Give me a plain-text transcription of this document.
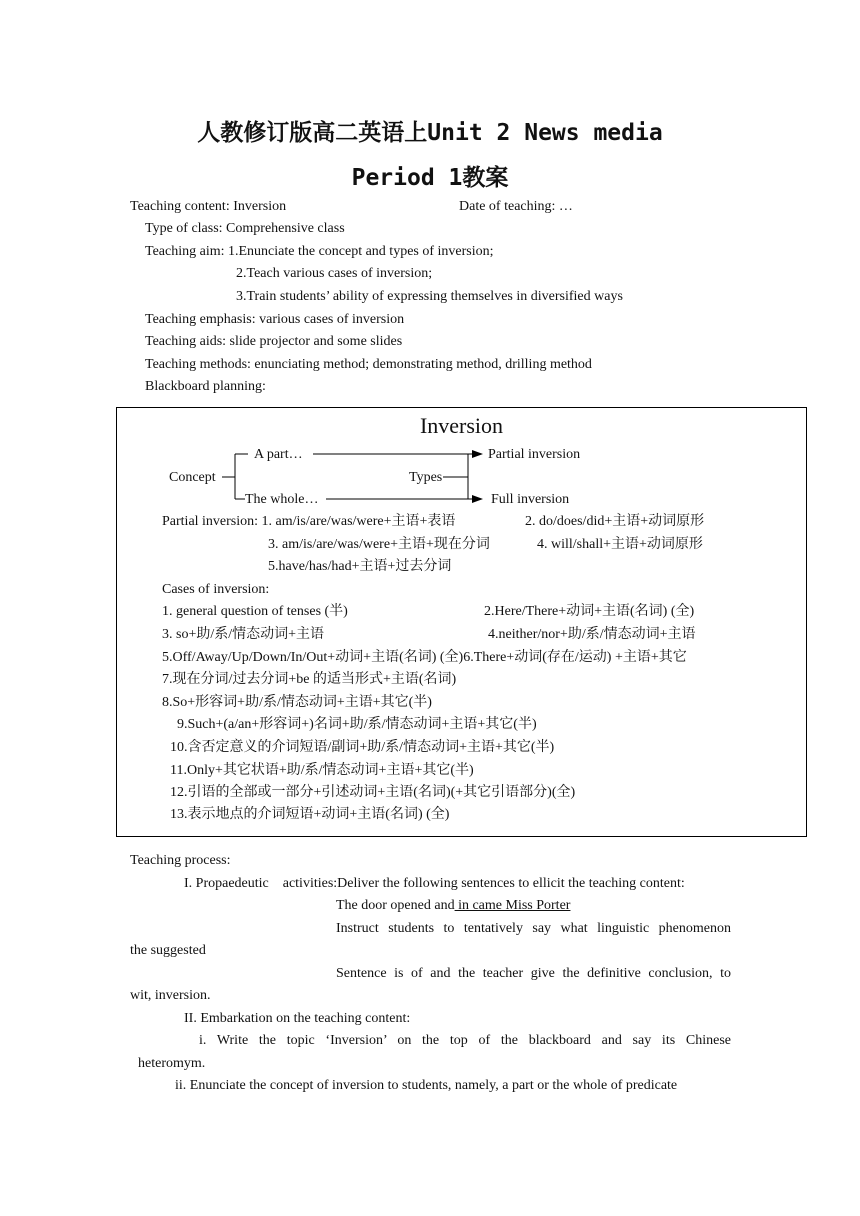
人教修订版高二英语上Unit 2 News media
Period 1教案
Teaching content: Inversion	Date of teaching: …
Type of class: Comprehensive class
Teaching aim: 1.Enunciate the concept and types of inversion;
2.Teach various cases of inversion;
3.Train students’ ability of expressing themselves in diversified ways
Teaching emphasis: various cases of inversion
Teaching aids: slide projector and some slides
Teaching methods: enunciating method; demonstrating method, drilling method
Blackboard planning:
Inversion
A part…
Concept
The whole…
Types
Partial inversion
Full inversion
Partial inversion: 1. am/is/are/was/were+主语+表语	2. do/does/did+主语+动词原形
3. am/is/are/was/were+主语+现在分词	4. will/shall+主语+动词原形
5.have/has/had+主语+过去分词
Cases of inversion:
1. general question of tenses (半)	2.Here/There+动词+主语(名词) (全)
3. so+助/系/情态动词+主语	4.neither/nor+助/系/情态动词+主语
5.Off/Away/Up/Down/In/Out+动词+主语(名词) (全)6.There+动词(存在/运动) +主语+其它
7.现在分词/过去分词+be 的适当形式+主语(名词)
8.So+形容词+助/系/情态动词+主语+其它(半)
9.Such+(a/an+形容词+)名词+助/系/情态动词+主语+其它(半)
10.含否定意义的介词短语/副词+助/系/情态动词+主语+其它(半)
11.Only+其它状语+助/系/情态动词+主语+其它(半)
12.引语的全部或一部分+引述动词+主语(名词)(+其它引语部分)(全)
13.表示地点的介词短语+动词+主语(名词) (全)
Teaching process:
I. Propaedeutic　activities:Deliver the following sentences to ellicit the teaching content:
The door opened and in came Miss Porter
Instruct students to tentatively say what linguistic phenomenon
the suggested
Sentence is of and the teacher give the definitive conclusion, to
wit, inversion.
II. Embarkation on the teaching content:
i. Write the topic ‘Inversion’ on the top of the blackboard and say its Chinese
heteromym.
ii. Enunciate the concept of inversion to students, namely, a part or the whole of predicate
